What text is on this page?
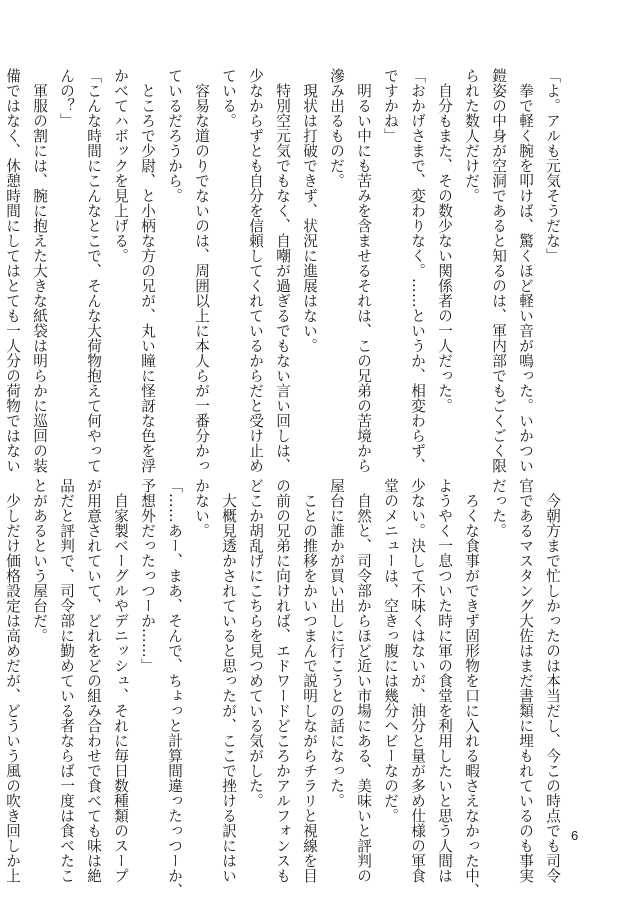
「よ。アルも元気そうだな」
　拳で軽く腕を叩けば、驚くほど軽い音が鳴った。いかつい
鎧姿の中身が空洞であると知るのは、軍内部でもごくごく限
られた数人だけだ。
　自分もまた、その数少ない関係者の一人だった。
「おかげさまで、変わりなく。……というか、相変わらず、
ですかね」
　明るい中にも苦みを含ませるそれは、この兄弟の苦境から
滲み出るものだ。
　現状は打破できず、状況に進展はない。
　特別空元気でもなく、自嘲が過ぎるでもない言い回しは、
少なからずとも自分を信頼してくれているからだと受け止め
ている。
　容易な道のりでないのは、周囲以上に本人らが一番分かっ
ているだろうから。
　ところで少尉、と小柄な方の兄が、丸い瞳に怪訝な色を浮
かべてハボックを見上げる。
「こんな時間にこんなとこで、そんな大荷物抱えて何やって
んの？」
　軍服の割には、腕に抱えた大きな紙袋は明らかに巡回の装
備ではなく、休憩時間にしてはとても一人分の荷物ではない
　今朝方まで忙しかったのは本当だし、今この時点でも司令
官であるマスタング大佐はまだ書類に埋もれているのも事実
だった。
　ろくな食事ができず固形物を口に入れる暇さえなかった中、
ようやく一息ついた時に軍の食堂を利用したいと思う人間は
少ない。決して不味くはないが、油分と量が多め仕様の軍食
堂のメニューは、空きっ腹には幾分ヘビーなのだ。
　自然と、司令部からほど近い市場にある、美味いと評判の
屋台に誰かが買い出しに行こうとの話になった。
　ことの推移をかいつまんで説明しながらチラリと視線を目
の前の兄弟に向ければ、エドワードどころかアルフォンスも
どこか胡乱げにこちらを見つめている気がした。
　大概見透かされていると思ったが、ここで挫ける訳にはい
かない。
「……あー、まあ、そんで、ちょっと計算間違ったっつーか、
予想外だったっつーか……」
　自家製ベーグルやデニッシュ、それに毎日数種類のスープ
が用意されていて、どれをどの組み合わせで食べても味は絶
品だと評判で、司令部に勤めている者ならば一度は食べたこ
とがあるという屋台だ。
　少しだけ価格設定は高めだが、どういう風の吹き回しか上	6
